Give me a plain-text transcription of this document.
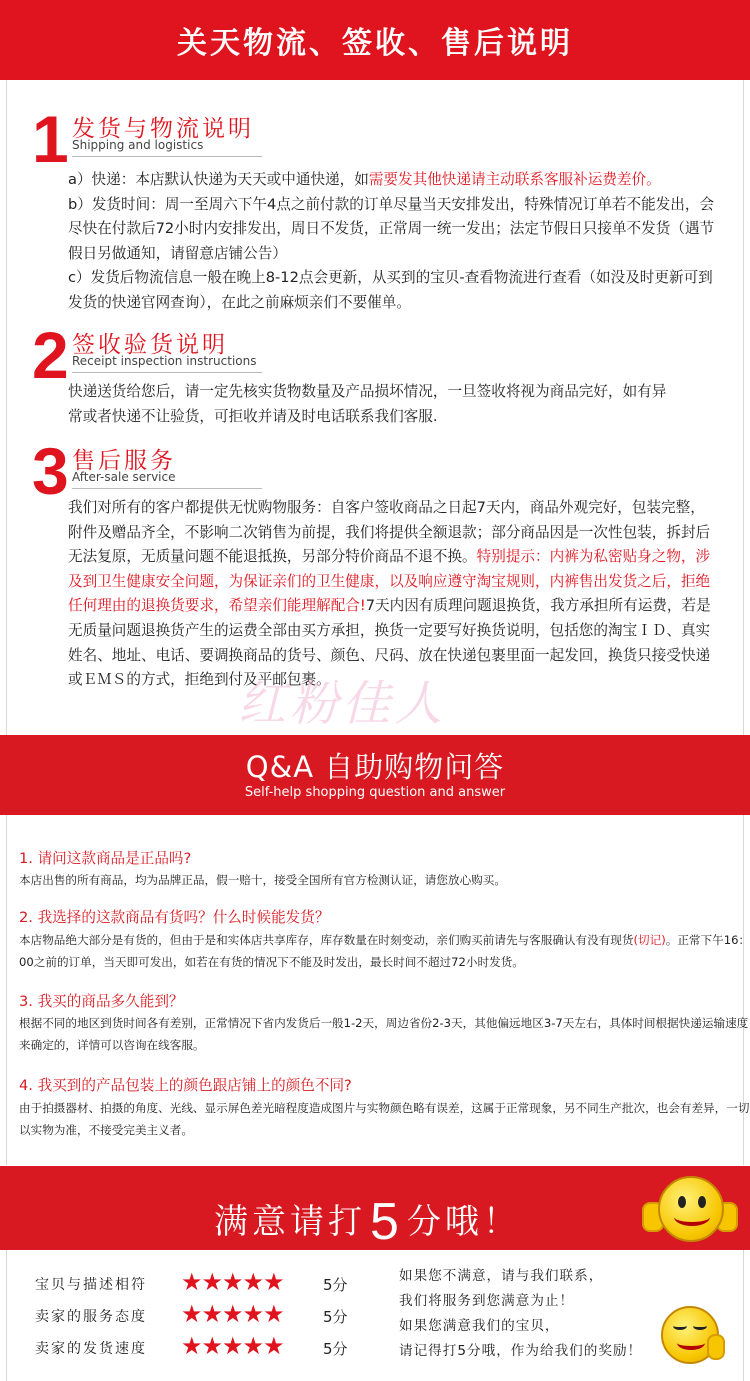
关天物流、签收、售后说明
1 发货与物流说明
Shipping and logistics
a）快递：本店默认快递为天天或中通快递，如需要发其他快递请主动联系客服补运费差价。
b）发货时间：周一至周六下午4点之前付款的订单尽量当天安排发出，特殊情况订单若不能发出，会尽快在付款后72小时内安排发出，周日不发货，正常周一统一发出；法定节假日只接单不发货（遇节假日另做通知，请留意店铺公告）
c）发货后物流信息一般在晚上8-12点会更新，从买到的宝贝-查看物流进行查看（如没及时更新可到发货的快递官网查询），在此之前麻烦亲们不要催单。
2 签收验货说明
Receipt inspection instructions
快递送货给您后，请一定先核实货物数量及产品损坏情况，一旦签收将视为商品完好，如有异常或者快递不让验货，可拒收并请及时电话联系我们客服.
3 售后服务
After-sale service
我们对所有的客户都提供无忧购物服务：自客户签收商品之日起7天内，商品外观完好，包装完整，附件及赠品齐全，不影响二次销售为前提，我们将提供全额退款；部分商品因是一次性包装，拆封后无法复原，无质量问题不能退抵换，另部分特价商品不退不换。特别提示：内裤为私密贴身之物，涉及到卫生健康安全问题，为保证亲们的卫生健康，以及响应遵守淘宝规则，内裤售出发货之后，拒绝任何理由的退换货要求，希望亲们能理解配合!7天内因有质理问题退换货，我方承担所有运费，若是无质量问题退换货产生的运费全部由买方承担，换货一定要写好换货说明，包括您的淘宝ＩＤ、真实姓名、地址、电话、要调换商品的货号、颜色、尺码、放在快递包裹里面一起发回，换货只接受快递或ＥＭＳ的方式，拒绝到付及平邮包裹。
红粉佳人
Q&A 自助购物问答
Self-help shopping question and answer
1. 请问这款商品是正品吗?
本店出售的所有商品，均为品牌正品，假一赔十，接受全国所有官方检测认证，请您放心购买。
2. 我选择的这款商品有货吗？什么时候能发货？
本店物品绝大部分是有货的，但由于是和实体店共享库存，库存数量在时刻变动，亲们购买前请先与客服确认有没有现货(切记)。正常下午16：00之前的订单，当天即可发出，如若在有货的情况下不能及时发出，最长时间不超过72小时发货。
3. 我买的商品多久能到？
根据不同的地区到货时间各有差别，正常情况下省内发货后一般1-2天，周边省份2-3天，其他偏远地区3-7天左右，具体时间根据快递运输速度来确定的，详情可以咨询在线客服。
4. 我买到的产品包装上的颜色跟店铺上的颜色不同?
由于拍摄器材、拍摄的角度、光线、显示屏色差光暗程度造成图片与实物颜色略有误差，这属于正常现象，另不同生产批次，也会有差异，一切以实物为准，不接受完美主义者。
满意请打5 分哦！
宝贝与描述相符 ★★★★★	5分
卖家的服务态度 ★★★★★	5分
卖家的发货速度 ★★★★★	5分
如果您不满意，请与我们联系，
我们将服务到您满意为止！
如果您满意我们的宝贝，
请记得打5分哦，作为给我们的奖励！
